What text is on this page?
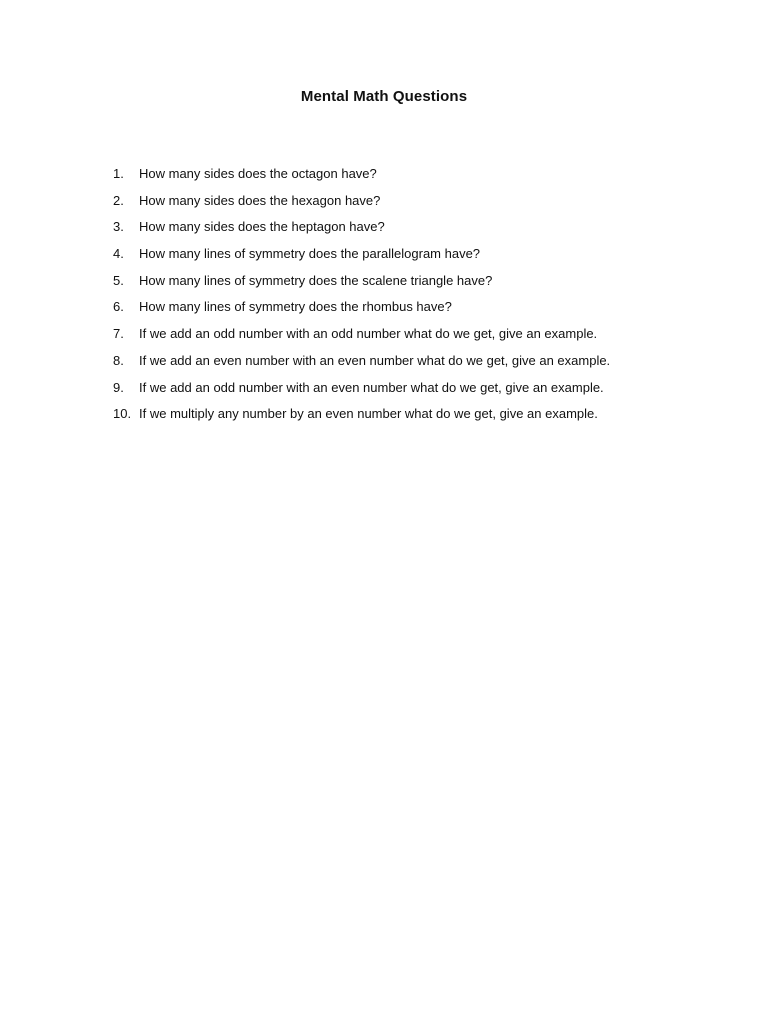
Mental Math Questions
1.	How many sides does the octagon have?
2.	How many sides does the hexagon have?
3.	How many sides does the heptagon have?
4.	How many lines of symmetry does the parallelogram have?
5.	How many lines of symmetry does the scalene triangle have?
6.	How many lines of symmetry does the rhombus have?
7.	If we add an odd number with an odd number what do we get, give an example.
8.	If we add an even number with an even number what do we get, give an example.
9.	If we add an odd number with an even number what do we get, give an example.
10. If we multiply any number by an even number what do we get, give an example.
